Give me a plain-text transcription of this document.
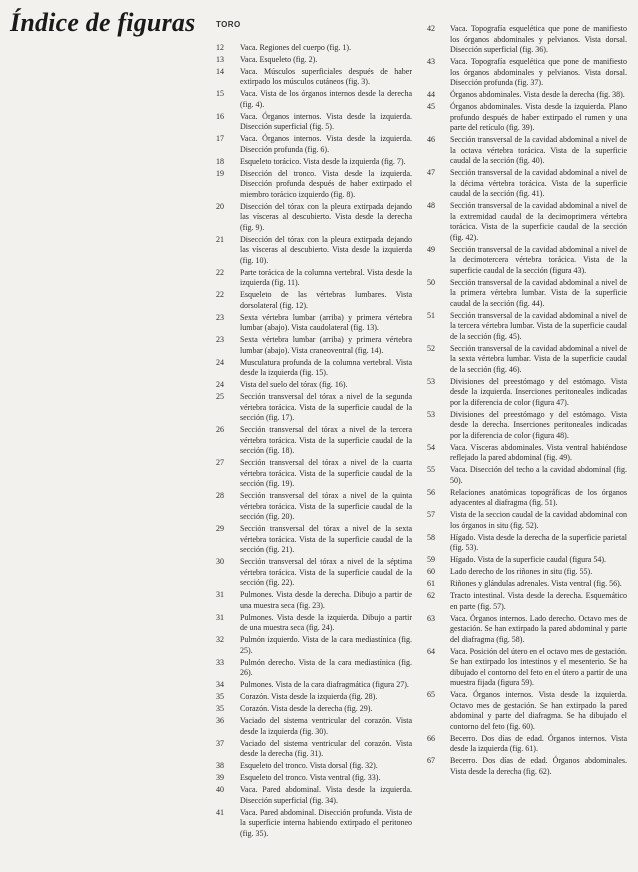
Índice de figuras	TORO
12	Vaca. Regiones del cuerpo (fig. 1).
13	Vaca. Esqueleto (fig. 2).
14	Vaca. Músculos superficiales después de haber extirpado los músculos cutáneos (fig. 3).
15	Vaca. Vista de los órganos internos desde la derecha (fig. 4).
16	Vaca. Órganos internos. Vista desde la izquierda. Disección superficial (fig. 5).
17	Vaca. Órganos internos. Vista desde la izquierda. Disección profunda (fig. 6).
18	Esqueleto torácico. Vista desde la izquierda (fig. 7).
19	Disección del tronco. Vista desde la izquierda. Disección profunda después de haber extirpado el miembro torácico izquierdo (fig. 8).
20	Disección del tórax con la pleura extirpada dejando las vísceras al descubierto. Vista desde la derecha (fig. 9).
21	Disección del tórax con la pleura extirpada dejando las vísceras al descubierto. Vista desde la izquierda (fig. 10).
22	Parte torácica de la columna vertebral. Vista desde la izquierda (fig. 11).
22	Esqueleto de las vértebras lumbares. Vista dorsolateral (fig. 12).
23	Sexta vértebra lumbar (arriba) y primera vértebra lumbar (abajo). Vista caudolateral (fig. 13).
23	Sexta vértebra lumbar (arriba) y primera vértebra lumbar (abajo). Vista craneoventral (fig. 14).
24	Musculatura profunda de la columna vertebral. Vista desde la izquierda (fig. 15).
24	Vista del suelo del tórax (fig. 16).
25	Sección transversal del tórax a nivel de la segunda vértebra torácica. Vista de la superficie caudal de la sección (fig. 17).
26	Sección transversal del tórax a nivel de la tercera vértebra torácica. Vista de la superficie caudal de la sección (fig. 18).
27	Sección transversal del tórax a nivel de la cuarta vértebra torácica. Vista de la superficie caudal de la sección (fig. 19).
28	Sección transversal del tórax a nivel de la quinta vértebra torácica. Vista de la superficie caudal de la sección (fig. 20).
29	Sección transversal del tórax a nivel de la sexta vértebra torácica. Vista de la superficie caudal de la sección (fig. 21).
30	Sección transversal del tórax a nivel de la séptima vértebra torácica. Vista de la superficie caudal de la sección (fig. 22).
31	Pulmones. Vista desde la derecha. Dibujo a partir de una muestra seca (fig. 23).
31	Pulmones. Vista desde la izquierda. Dibujo a partir de una muestra seca (fig. 24).
32	Pulmón izquierdo. Vista de la cara mediastínica (fig. 25).
33	Pulmón derecho. Vista de la cara mediastínica (fig. 26).
34	Pulmones. Vista de la cara diafragmática (figura 27).
35	Corazón. Vista desde la izquierda (fig. 28).
35	Corazón. Vista desde la derecha (fig. 29).
36	Vaciado del sistema ventricular del corazón. Vista desde la izquierda (fig. 30).
37	Vaciado del sistema ventricular del corazón. Vista desde la derecha (fig. 31).
38	Esqueleto del tronco. Vista dorsal (fig. 32).
39	Esqueleto del tronco. Vista ventral (fig. 33).
40	Vaca. Pared abdominal. Vista desde la izquierda. Disección superficial (fig. 34).
41	Vaca. Pared abdominal. Disección profunda. Vista de la superficie interna habiendo extirpado el peritoneo (fig. 35).
42	Vaca. Topografía esquelética que pone de manifiesto los órganos abdominales y pelvianos. Vista dorsal. Disección superficial (fig. 36).
43	Vaca. Topografía esquelética que pone de manifiesto los órganos abdominales y pelvianos. Vista dorsal. Disección profunda (fig. 37).
44	Órganos abdominales. Vista desde la derecha (fig. 38).
45	Órganos abdominales. Vista desde la izquierda. Plano profundo después de haber extirpado el rumen y una parte del retículo (fig. 39).
46	Sección transversal de la cavidad abdominal a nivel de la octava vértebra torácica. Vista de la superficie caudal de la sección (fig. 40).
47	Sección transversal de la cavidad abdominal a nivel de la décima vértebra torácica. Vista de la superficie caudal de la sección (fig. 41).
48	Sección transversal de la cavidad abdominal a nivel de la extremidad caudal de la decimoprimera vértebra torácica. Vista de la superficie caudal de la sección (fig. 42).
49	Sección transversal de la cavidad abdominal a nivel de la decimotercera vértebra torácica. Vista de la superficie caudal de la sección (figura 43).
50	Sección transversal de la cavidad abdominal a nivel de la primera vértebra lumbar. Vista de la superficie caudal de la sección (fig. 44).
51	Sección transversal de la cavidad abdominal a nivel de la tercera vértebra lumbar. Vista de la superficie caudal de la sección (fig. 45).
52	Sección transversal de la cavidad abdominal a nivel de la sexta vértebra lumbar. Vista de la superficie caudal de la sección (fig. 46).
53	Divisiones del preestómago y del estómago. Vista desde la izquierda. Inserciones peritoneales indicadas por la diferencia de color (figura 47).
53	Divisiones del preestómago y del estómago. Vista desde la derecha. Inserciones peritoneales indicadas por la diferencia de color (figura 48).
54	Vaca. Vísceras abdominales. Vista ventral habiéndose reflejado la pared abdominal (fig. 49).
55	Vaca. Disección del techo a la cavidad abdominal (fig. 50).
56	Relaciones anatómicas topográficas de los órganos adyacentes al diafragma (fig. 51).
57	Vista de la seccion caudal de la cavidad abdominal con los órganos in situ (fig. 52).
58	Hígado. Vista desde la derecha de la superficie parietal (fig. 53).
59	Hígado. Vista de la superficie caudal (figura 54).
60	Lado derecho de los riñones in situ (fig. 55).
61	Riñones y glándulas adrenales. Vista ventral (fig. 56).
62	Tracto intestinal. Vista desde la derecha. Esquemático en parte (fig. 57).
63	Vaca. Órganos internos. Lado derecho. Octavo mes de gestación. Se han extirpado la pared abdominal y parte del diafragma (fig. 58).
64	Vaca. Posición del útero en el octavo mes de gestación. Se han extirpado los intestinos y el mesenterio. Se ha dibujado el contorno del feto en el útero a partir de una muestra fijada (figura 59).
65	Vaca. Órganos internos. Vista desde la izquierda. Octavo mes de gestación. Se han extirpado la pared abdominal y parte del diafragma. Se ha dibujado el contorno del feto (fig. 60).
66	Becerro. Dos días de edad. Órganos internos. Vista desde la izquierda (fig. 61).
67	Becerro. Dos días de edad. Órganos abdominales. Vista desde la derecha (fig. 62).
